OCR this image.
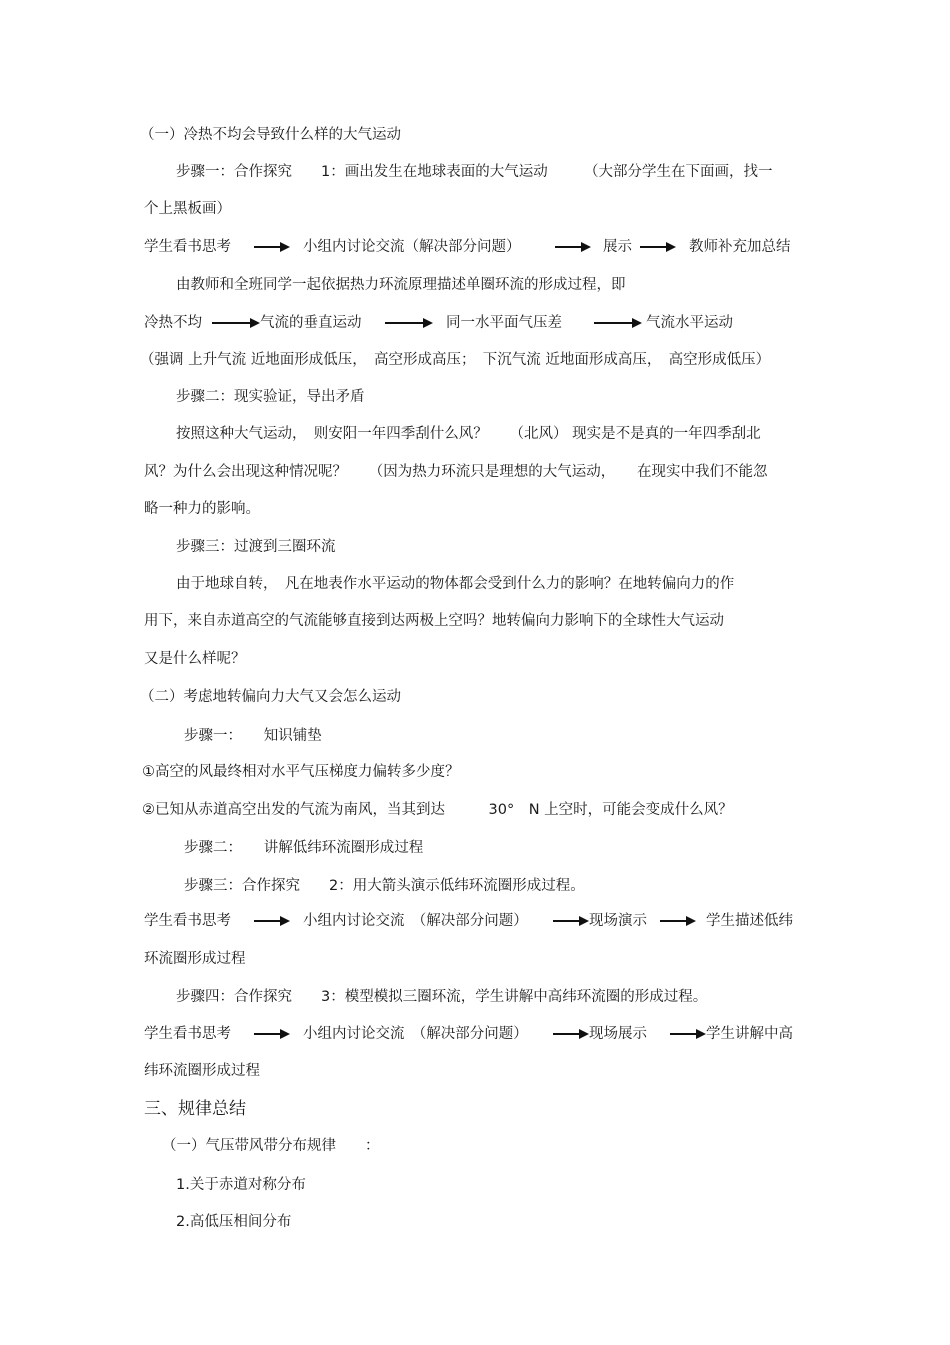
（一）冷热不均会导致什么样的大气运动
步骤一：合作探究　　1：画出发生在地球表面的大气运动　　　（大部分学生在下面画，找一
个上黑板画）
学生看书思考	小组内讨论交流（解决部分问题）	展示	教师补充加总结
由教师和全班同学一起依据热力环流原理描述单圈环流的形成过程，即
冷热不均	气流的垂直运动	同一水平面气压差	气流水平运动
（强调 上升气流 近地面形成低压，　高空形成高压；　下沉气流 近地面形成高压，　高空形成低压）
步骤二：现实验证，导出矛盾
按照这种大气运动，　则安阳一年四季刮什么风？　　（北风） 现实是不是真的一年四季刮北
风？为什么会出现这种情况呢？　　（因为热力环流只是理想的大气运动，　　在现实中我们不能忽
略一种力的影响。
步骤三：过渡到三圈环流
由于地球自转，　凡在地表作水平运动的物体都会受到什么力的影响？在地转偏向力的作
用下，来自赤道高空的气流能够直接到达两极上空吗？地转偏向力影响下的全球性大气运动
又是什么样呢？
（二）考虑地转偏向力大气又会怎么运动
步骤一：　　知识铺垫
①高空的风最终相对水平气压梯度力偏转多少度？
②已知从赤道高空出发的气流为南风，当其到达　　　30°　N 上空时，可能会变成什么风？
步骤二：　　讲解低纬环流圈形成过程
步骤三：合作探究　　2：用大箭头演示低纬环流圈形成过程。
学生看书思考	小组内讨论交流　（解决部分问题）	现场演示	学生描述低纬
环流圈形成过程
步骤四：合作探究　　3：模型模拟三圈环流，学生讲解中高纬环流圈的形成过程。
学生看书思考	小组内讨论交流　（解决部分问题）	现场展示	学生讲解中高
纬环流圈形成过程
三、规律总结
（一）气压带风带分布规律　　：
1.关于赤道对称分布
2.高低压相间分布
